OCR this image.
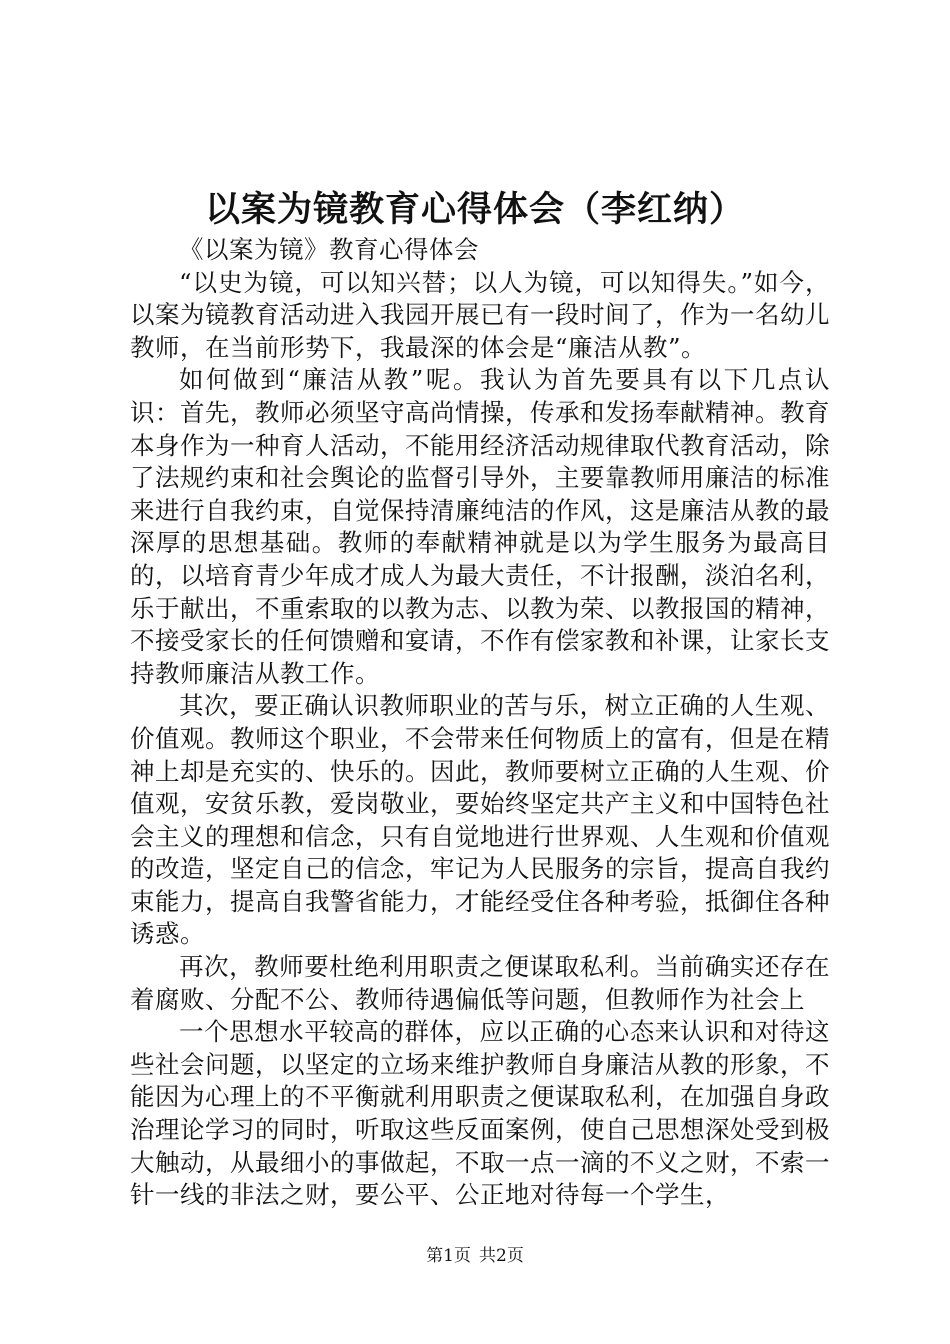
以案为镜教育心得体会（李红纳）

《以案为镜》教育心得体会

“以史为镜，可以知兴替；以人为镜，可以知得失。”如今，以案为镜教育活动进入我园开展已有一段时间了，作为一名幼儿教师，在当前形势下，我最深的体会是“廉洁从教”。

如何做到“廉洁从教”呢。我认为首先要具有以下几点认识：首先，教师必须坚守高尚情操，传承和发扬奉献精神。教育本身作为一种育人活动，不能用经济活动规律取代教育活动，除了法规约束和社会舆论的监督引导外，主要靠教师用廉洁的标准来进行自我约束，自觉保持清廉纯洁的作风，这是廉洁从教的最深厚的思想基础。教师的奉献精神就是以为学生服务为最高目的，以培育青少年成才成人为最大责任，不计报酬，淡泊名利，乐于献出，不重索取的以教为志、以教为荣、以教报国的精神，不接受家长的任何馈赠和宴请，不作有偿家教和补课，让家长支持教师廉洁从教工作。

其次，要正确认识教师职业的苦与乐，树立正确的人生观、价值观。教师这个职业，不会带来任何物质上的富有，但是在精神上却是充实的、快乐的。因此，教师要树立正确的人生观、价值观，安贫乐教，爱岗敬业，要始终坚定共产主义和中国特色社会主义的理想和信念，只有自觉地进行世界观、人生观和价值观的改造，坚定自己的信念，牢记为人民服务的宗旨，提高自我约束能力，提高自我警省能力，才能经受住各种考验，抵御住各种诱惑。

再次，教师要杜绝利用职责之便谋取私利。当前确实还存在着腐败、分配不公、教师待遇偏低等问题，但教师作为社会上

一个思想水平较高的群体，应以正确的心态来认识和对待这些社会问题，以坚定的立场来维护教师自身廉洁从教的形象，不能因为心理上的不平衡就利用职责之便谋取私利，在加强自身政治理论学习的同时，听取这些反面案例，使自己思想深处受到极大触动，从最细小的事做起，不取一点一滴的不义之财，不索一针一线的非法之财，要公平、公正地对待每一个学生，

第1页 共2页
